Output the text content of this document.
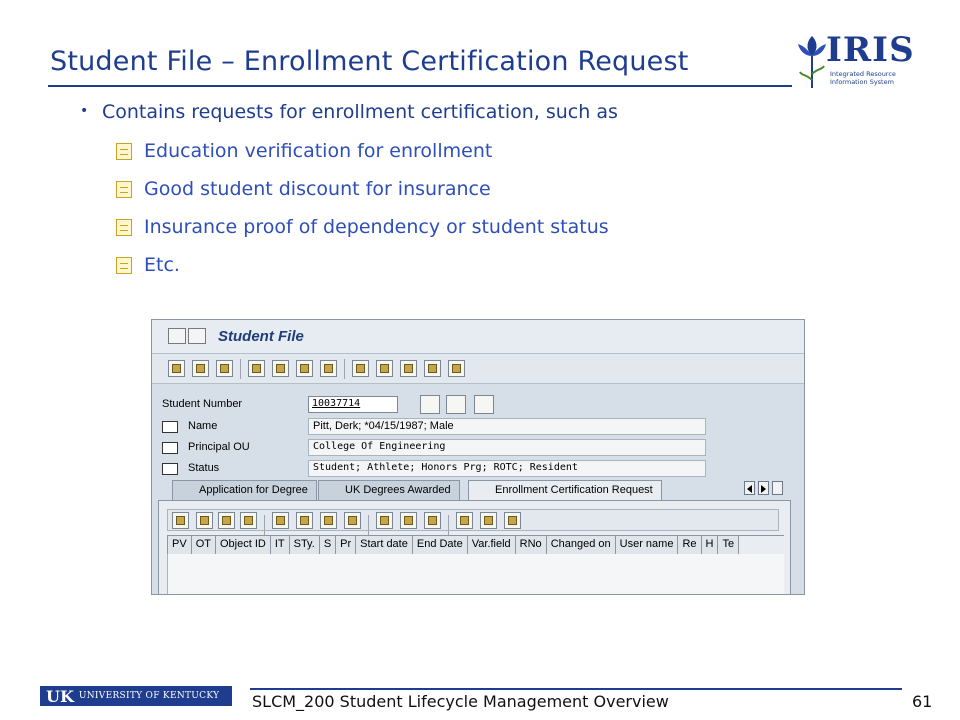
Student File – Enrollment Certification Request	IRIS
Integrated Resource Information System
• Contains requests for enrollment certification, such as
Education verification for enrollment
Good student discount for insurance
Insurance proof of dependency or student status
Etc.
Student File
Student Number	10037714
Name	Pitt, Derk; *04/15/1987; Male
Principal OU	College Of Engineering
Status	Student; Athlete; Honors Prg; ROTC; Resident
Application for Degree	UK Degrees Awarded	Enrollment Certification Request
PV OT Object ID IT STy. S Pr Start date End Date Var.field RNo Changed on User name Re H Te
UK UNIVERSITY OF KENTUCKY SLCM_200 Student Lifecycle Management Overview	61
